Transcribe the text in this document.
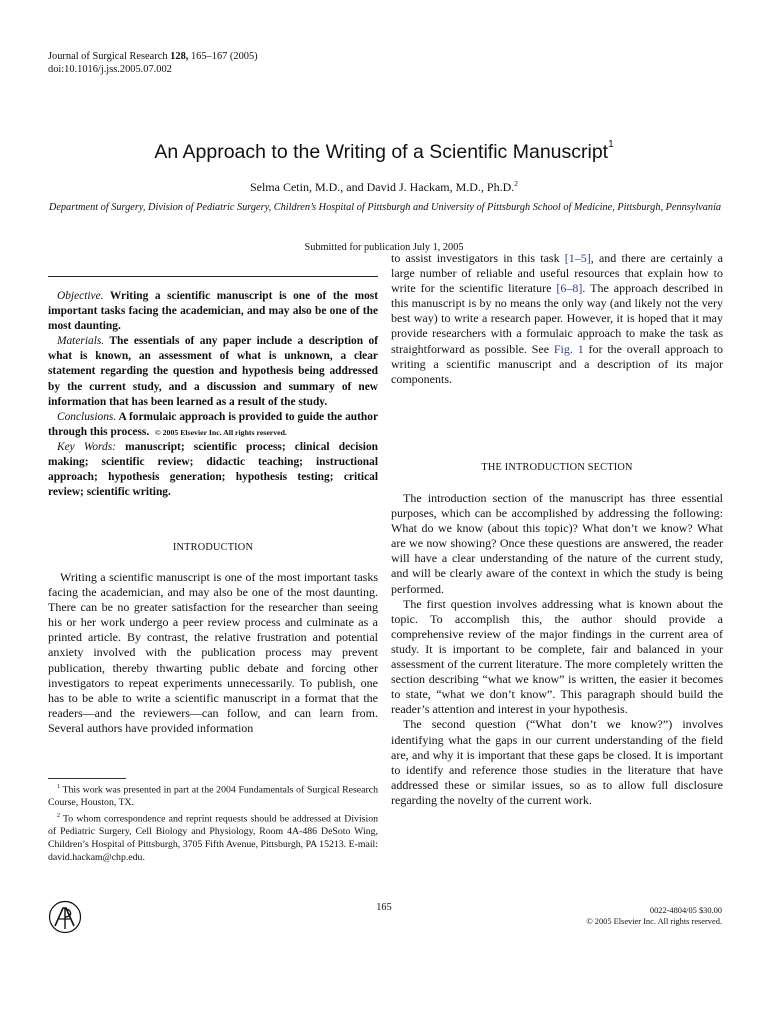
Journal of Surgical Research 128, 165–167 (2005)
doi:10.1016/j.jss.2005.07.002
An Approach to the Writing of a Scientific Manuscript$^1$
Selma Cetin, M.D., and David J. Hackam, M.D., Ph.D.$^2$
Department of Surgery, Division of Pediatric Surgery, Children’s Hospital of Pittsburgh and University of Pittsburgh School of Medicine, Pittsburgh, Pennsylvania
Submitted for publication July 1, 2005

Objective. Writing a scientific manuscript is one of the most important tasks facing the academician, and may also be one of the most daunting.

Materials. The essentials of any paper include a description of what is known, an assessment of what is unknown, a clear statement regarding the question and hypothesis being addressed by the current study, and a discussion and summary of new information that has been learned as a result of the study.

Conclusions. A formulaic approach is provided to guide the author through this process. © 2005 Elsevier Inc. All rights reserved.

Key Words: manuscript; scientific process; clinical decision making; scientific review; didactic teaching; instructional approach; hypothesis generation; hypothesis testing; critical review; scientific writing.

INTRODUCTION

Writing a scientific manuscript is one of the most important tasks facing the academician, and may also be one of the most daunting. There can be no greater satisfaction for the researcher than seeing his or her work undergo a peer review process and culminate as a printed article. By contrast, the relative frustration and potential anxiety involved with the publication process may prevent publication, thereby thwarting public debate and forcing other investigators to repeat experiments unnecessarily. To publish, one has to be able to write a scientific manuscript in a format that the readers—and the reviewers—can follow, and can learn from. Several authors have provided information

$^1$ This work was presented in part at the 2004 Fundamentals of Surgical Research Course, Houston, TX.

$^2$ To whom correspondence and reprint requests should be addressed at Division of Pediatric Surgery, Cell Biology and Physiology, Room 4A-486 DeSoto Wing, Children’s Hospital of Pittsburgh, 3705 Fifth Avenue, Pittsburgh, PA 15213. E-mail: david.hackam@chp.edu.

to assist investigators in this task [1–5], and there are certainly a large number of reliable and useful resources that explain how to write for the scientific literature [6–8]. The approach described in this manuscript is by no means the only way (and likely not the very best way) to write a research paper. However, it is hoped that it may provide researchers with a formulaic approach to make the task as straightforward as possible. See Fig. 1 for the overall approach to writing a scientific manuscript and a description of its major components.

THE INTRODUCTION SECTION

The introduction section of the manuscript has three essential purposes, which can be accomplished by addressing the following: What do we know (about this topic)? What don’t we know? What are we now showing? Once these questions are answered, the reader will have a clear understanding of the nature of the current study, and will be clearly aware of the context in which the study is being performed.

The first question involves addressing what is known about the topic. To accomplish this, the author should provide a comprehensive review of the major findings in the current area of study. It is important to be complete, fair and balanced in your assessment of the current literature. The more completely written the section describing “what we know” is written, the easier it becomes to state, “what we don’t know”. This paragraph should build the reader’s attention and interest in your hypothesis.

The second question (“What don’t we know?”) involves identifying what the gaps in our current understanding of the field are, and why it is important that these gaps be closed. It is important to identify and reference those studies in the literature that have addressed these or similar issues, so as to allow full disclosure regarding the novelty of the current work.

165	0022-4804/05 $30.00
© 2005 Elsevier Inc. All rights reserved.
